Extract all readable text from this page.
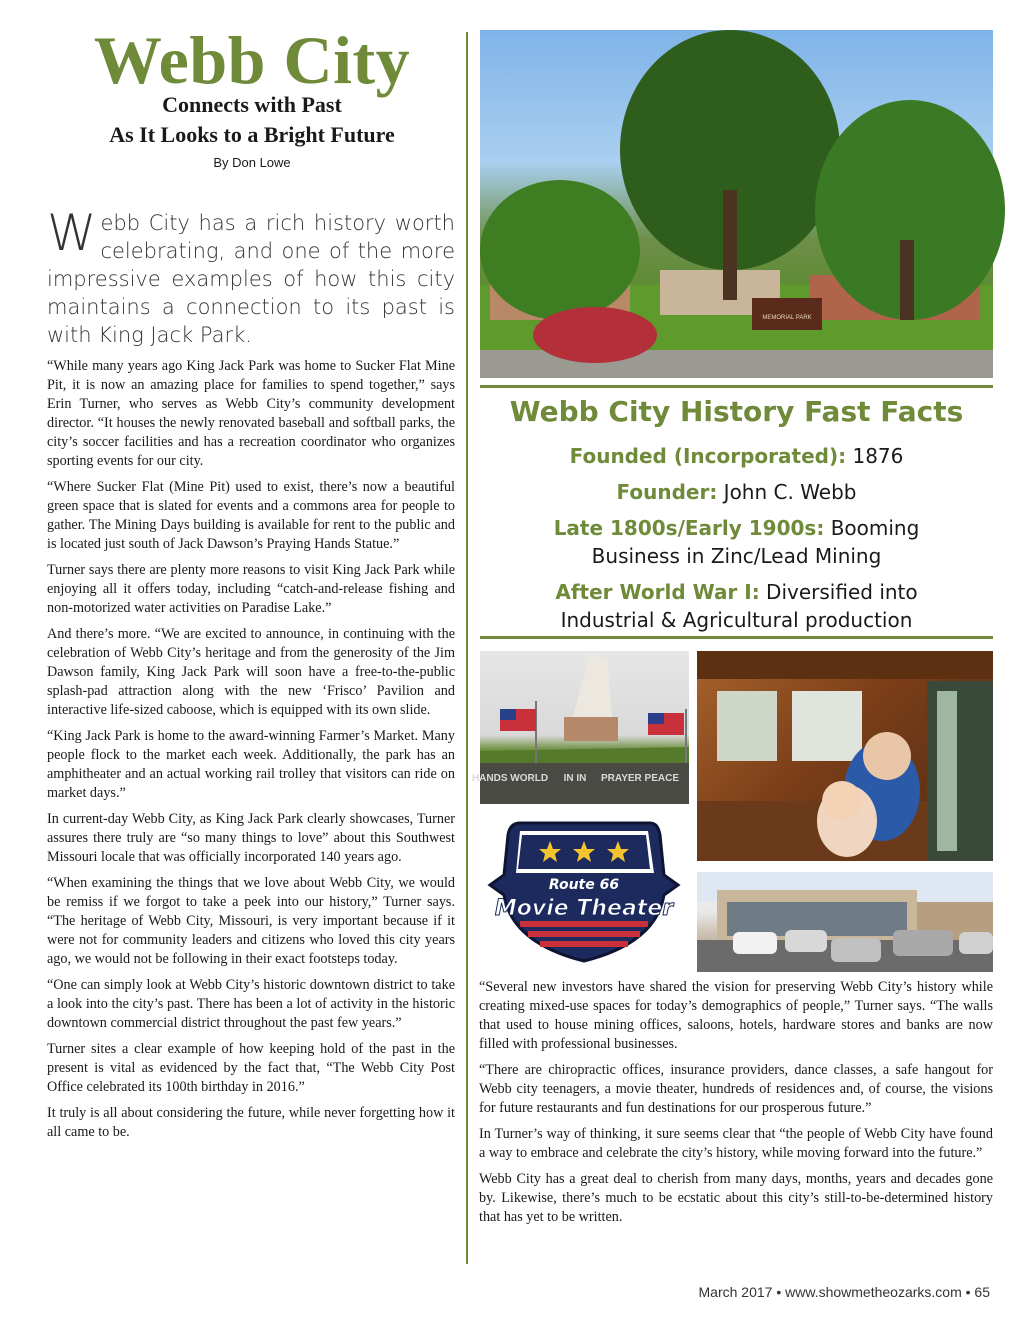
Webb City
Connects with Past
As It Looks to a Bright Future
By Don Lowe
Webb City has a rich history worth celebrating, and one of the more impressive examples of how this city maintains a connection to its past is with King Jack Park.

“While many years ago King Jack Park was home to Sucker Flat Mine Pit, it is now an amazing place for families to spend together,” says Erin Turner, who serves as Webb City’s community development director. “It houses the newly renovated baseball and softball parks, the city’s soccer facilities and has a recreation coordinator who organizes sporting events for our city.

“Where Sucker Flat (Mine Pit) used to exist, there’s now a beautiful green space that is slated for events and a commons area for people to gather. The Mining Days building is available for rent to the public and is located just south of Jack Dawson’s Praying Hands Statue.”

Turner says there are plenty more reasons to visit King Jack Park while enjoying all it offers today, including “catch-and-release fishing and non-motorized water activities on Paradise Lake.”

And there’s more. “We are excited to announce, in continuing with the celebration of Webb City’s heritage and from the generosity of the Jim Dawson family, King Jack Park will soon have a free-to-the-public splash-pad attraction along with the new ‘Frisco’ Pavilion and interactive life-sized caboose, which is equipped with its own slide.

“King Jack Park is home to the award-winning Farmer’s Market. Many people flock to the market each week. Additionally, the park has an amphitheater and an actual working rail trolley that visitors can ride on market days.”

In current-day Webb City, as King Jack Park clearly showcases, Turner assures there truly are “so many things to love” about this Southwest Missouri locale that was officially incorporated 140 years ago.

“When examining the things that we love about Webb City, we would be remiss if we forgot to take a peek into our history,” Turner says. “The heritage of Webb City, Missouri, is very important because if it were not for community leaders and citizens who loved this city years ago, we would not be following in their exact footsteps today.

“One can simply look at Webb City’s historic downtown district to take a look into the city’s past. There has been a lot of activity in the historic downtown commercial district throughout the past few years.”

Turner sites a clear example of how keeping hold of the past in the present is vital as evidenced by the fact that, “The Webb City Post Office celebrated its 100th birthday in 2016.”

It truly is all about considering the future, while never forgetting how it all came to be.

MEMORIAL PARK
Webb City History Fast Facts
Founded (Incorporated): 1876
Founder: John C. Webb
Late 1800s/Early 1900s: Booming Business in Zinc/Lead Mining
After World War I: Diversified into Industrial & Agricultural production
HANDS WORLD IN IN PRAYER PEACE
Route 66
Movie Theater

“Several new investors have shared the vision for preserving Webb City’s history while creating mixed-use spaces for today’s demographics of people,” Turner says. “The walls that used to house mining offices, saloons, hotels, hardware stores and banks are now filled with professional businesses.

“There are chiropractic offices, insurance providers, dance classes, a safe hangout for Webb city teenagers, a movie theater, hundreds of residences and, of course, the visions for future restaurants and fun destinations for our prosperous future.”

In Turner’s way of thinking, it sure seems clear that “the people of Webb City have found a way to embrace and celebrate the city’s history, while moving forward into the future.”

Webb City has a great deal to cherish from many days, months, years and decades gone by. Likewise, there’s much to be ecstatic about this city’s still-to-be-determined history that has yet to be written.

March 2017 • www.showmetheozarks.com • 65
